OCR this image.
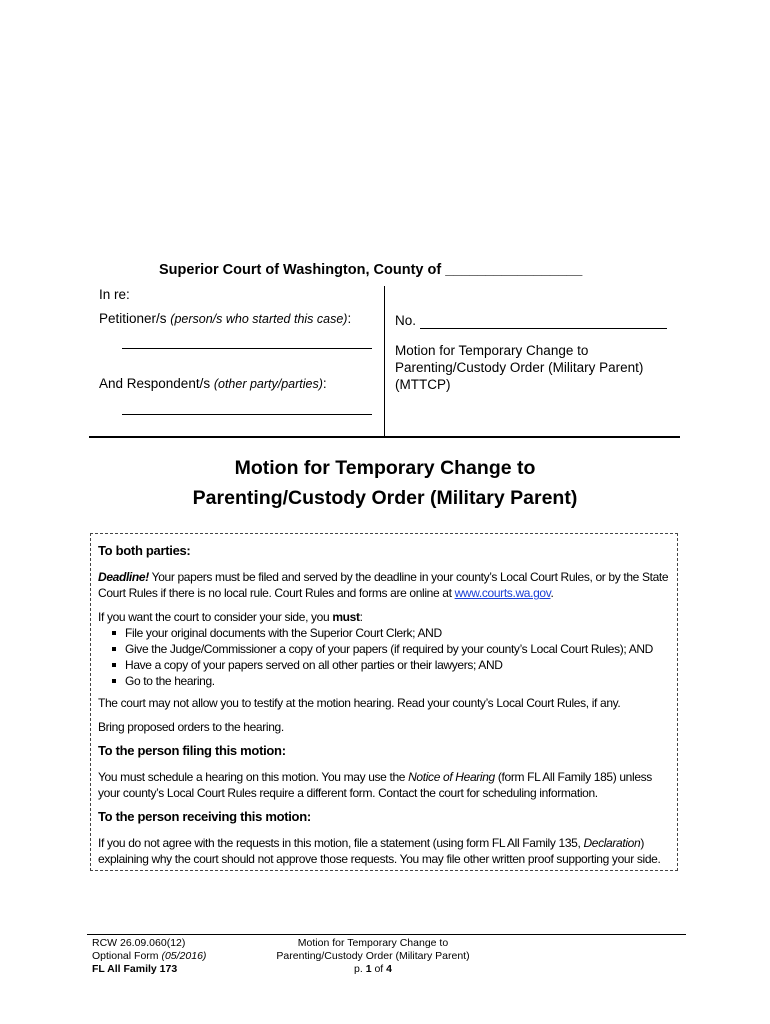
Superior Court of Washington, County of _________________
In re:
Petitioner/s (person/s who started this case):
And Respondent/s (other party/parties):
No.
Motion for Temporary Change to
Parenting/Custody Order (Military Parent)
(MTTCP)
Motion for Temporary Change to
Parenting/Custody Order (Military Parent)
To both parties:
Deadline! Your papers must be filed and served by the deadline in your county’s Local Court Rules, or by the State
Court Rules if there is no local rule. Court Rules and forms are online at www.courts.wa.gov.
If you want the court to consider your side, you must:
File your original documents with the Superior Court Clerk; AND
Give the Judge/Commissioner a copy of your papers (if required by your county’s Local Court Rules); AND
Have a copy of your papers served on all other parties or their lawyers; AND
Go to the hearing.
The court may not allow you to testify at the motion hearing. Read your county’s Local Court Rules, if any.
Bring proposed orders to the hearing.
To the person filing this motion:
You must schedule a hearing on this motion. You may use the Notice of Hearing (form FL All Family 185) unless
your county’s Local Court Rules require a different form. Contact the court for scheduling information.
To the person receiving this motion:
If you do not agree with the requests in this motion, file a statement (using form FL All Family 135, Declaration)
explaining why the court should not approve those requests. You may file other written proof supporting your side.
RCW 26.09.060(12)
Optional Form (05/2016)
FL All Family 173
Motion for Temporary Change to
Parenting/Custody Order (Military Parent)
p. 1 of 4
